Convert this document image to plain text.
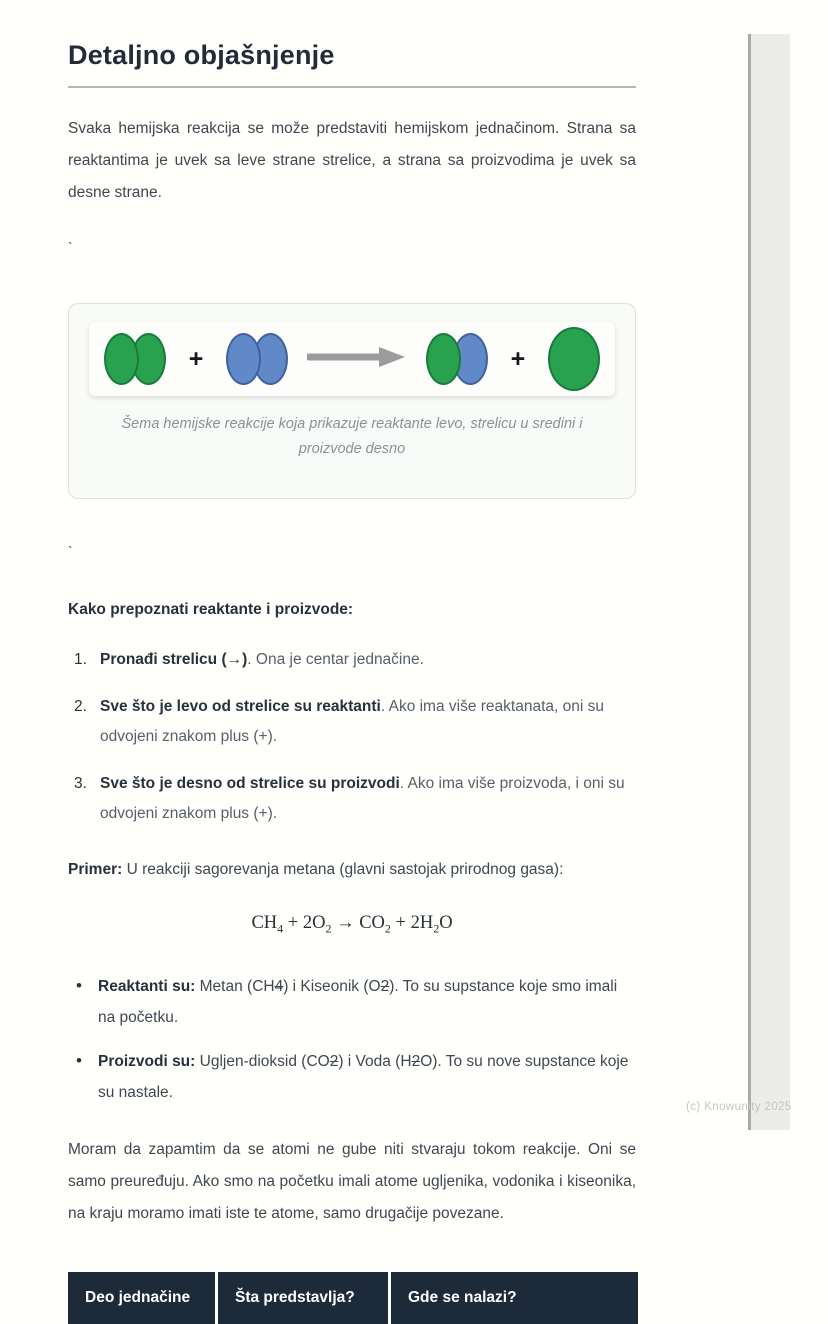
Detaljno objašnjenje

Svaka hemijska reakcija se može predstaviti hemijskom jednačinom. Strana sa reaktantima je uvek sa leve strane strelice, a strana sa proizvodima je uvek sa desne strane.

`
+	+
Šema hemijske reakcije koja prikazuje reaktante levo, strelicu u sredini i proizvode desno
`
Kako prepoznati reaktante i proizvode:
1. Pronađi strelicu (→). Ona je centar jednačine.
2. Sve što je levo od strelice su reaktanti. Ako ima više reaktanata, oni su odvojeni znakom plus (+).
3. Sve što je desno od strelice su proizvodi. Ako ima više proizvoda, i oni su odvojeni znakom plus (+).

Primer: U reakciji sagorevanja metana (glavni sastojak prirodnog gasa):

$CH_4 + 2O_2 \to CO_2 + 2H_2O$
• Reaktanti su: Metan (CH4) i Kiseonik (O2). To su supstance koje smo imali na početku.
• Proizvodi su: Ugljen-dioksid (CO2) i Voda (H2O). To su nove supstance koje su nastale.

Moram da zapamtim da se atomi ne gube niti stvaraju tokom reakcije. Oni se samo preuređuju. Ako smo na početku imali atome ugljenika, vodonika i kiseonika, na kraju moramo imati iste te atome, samo drugačije povezane.

Deo jednačine	Šta predstavlja?	Gde se nalazi?
(c) Knowunity 2025
